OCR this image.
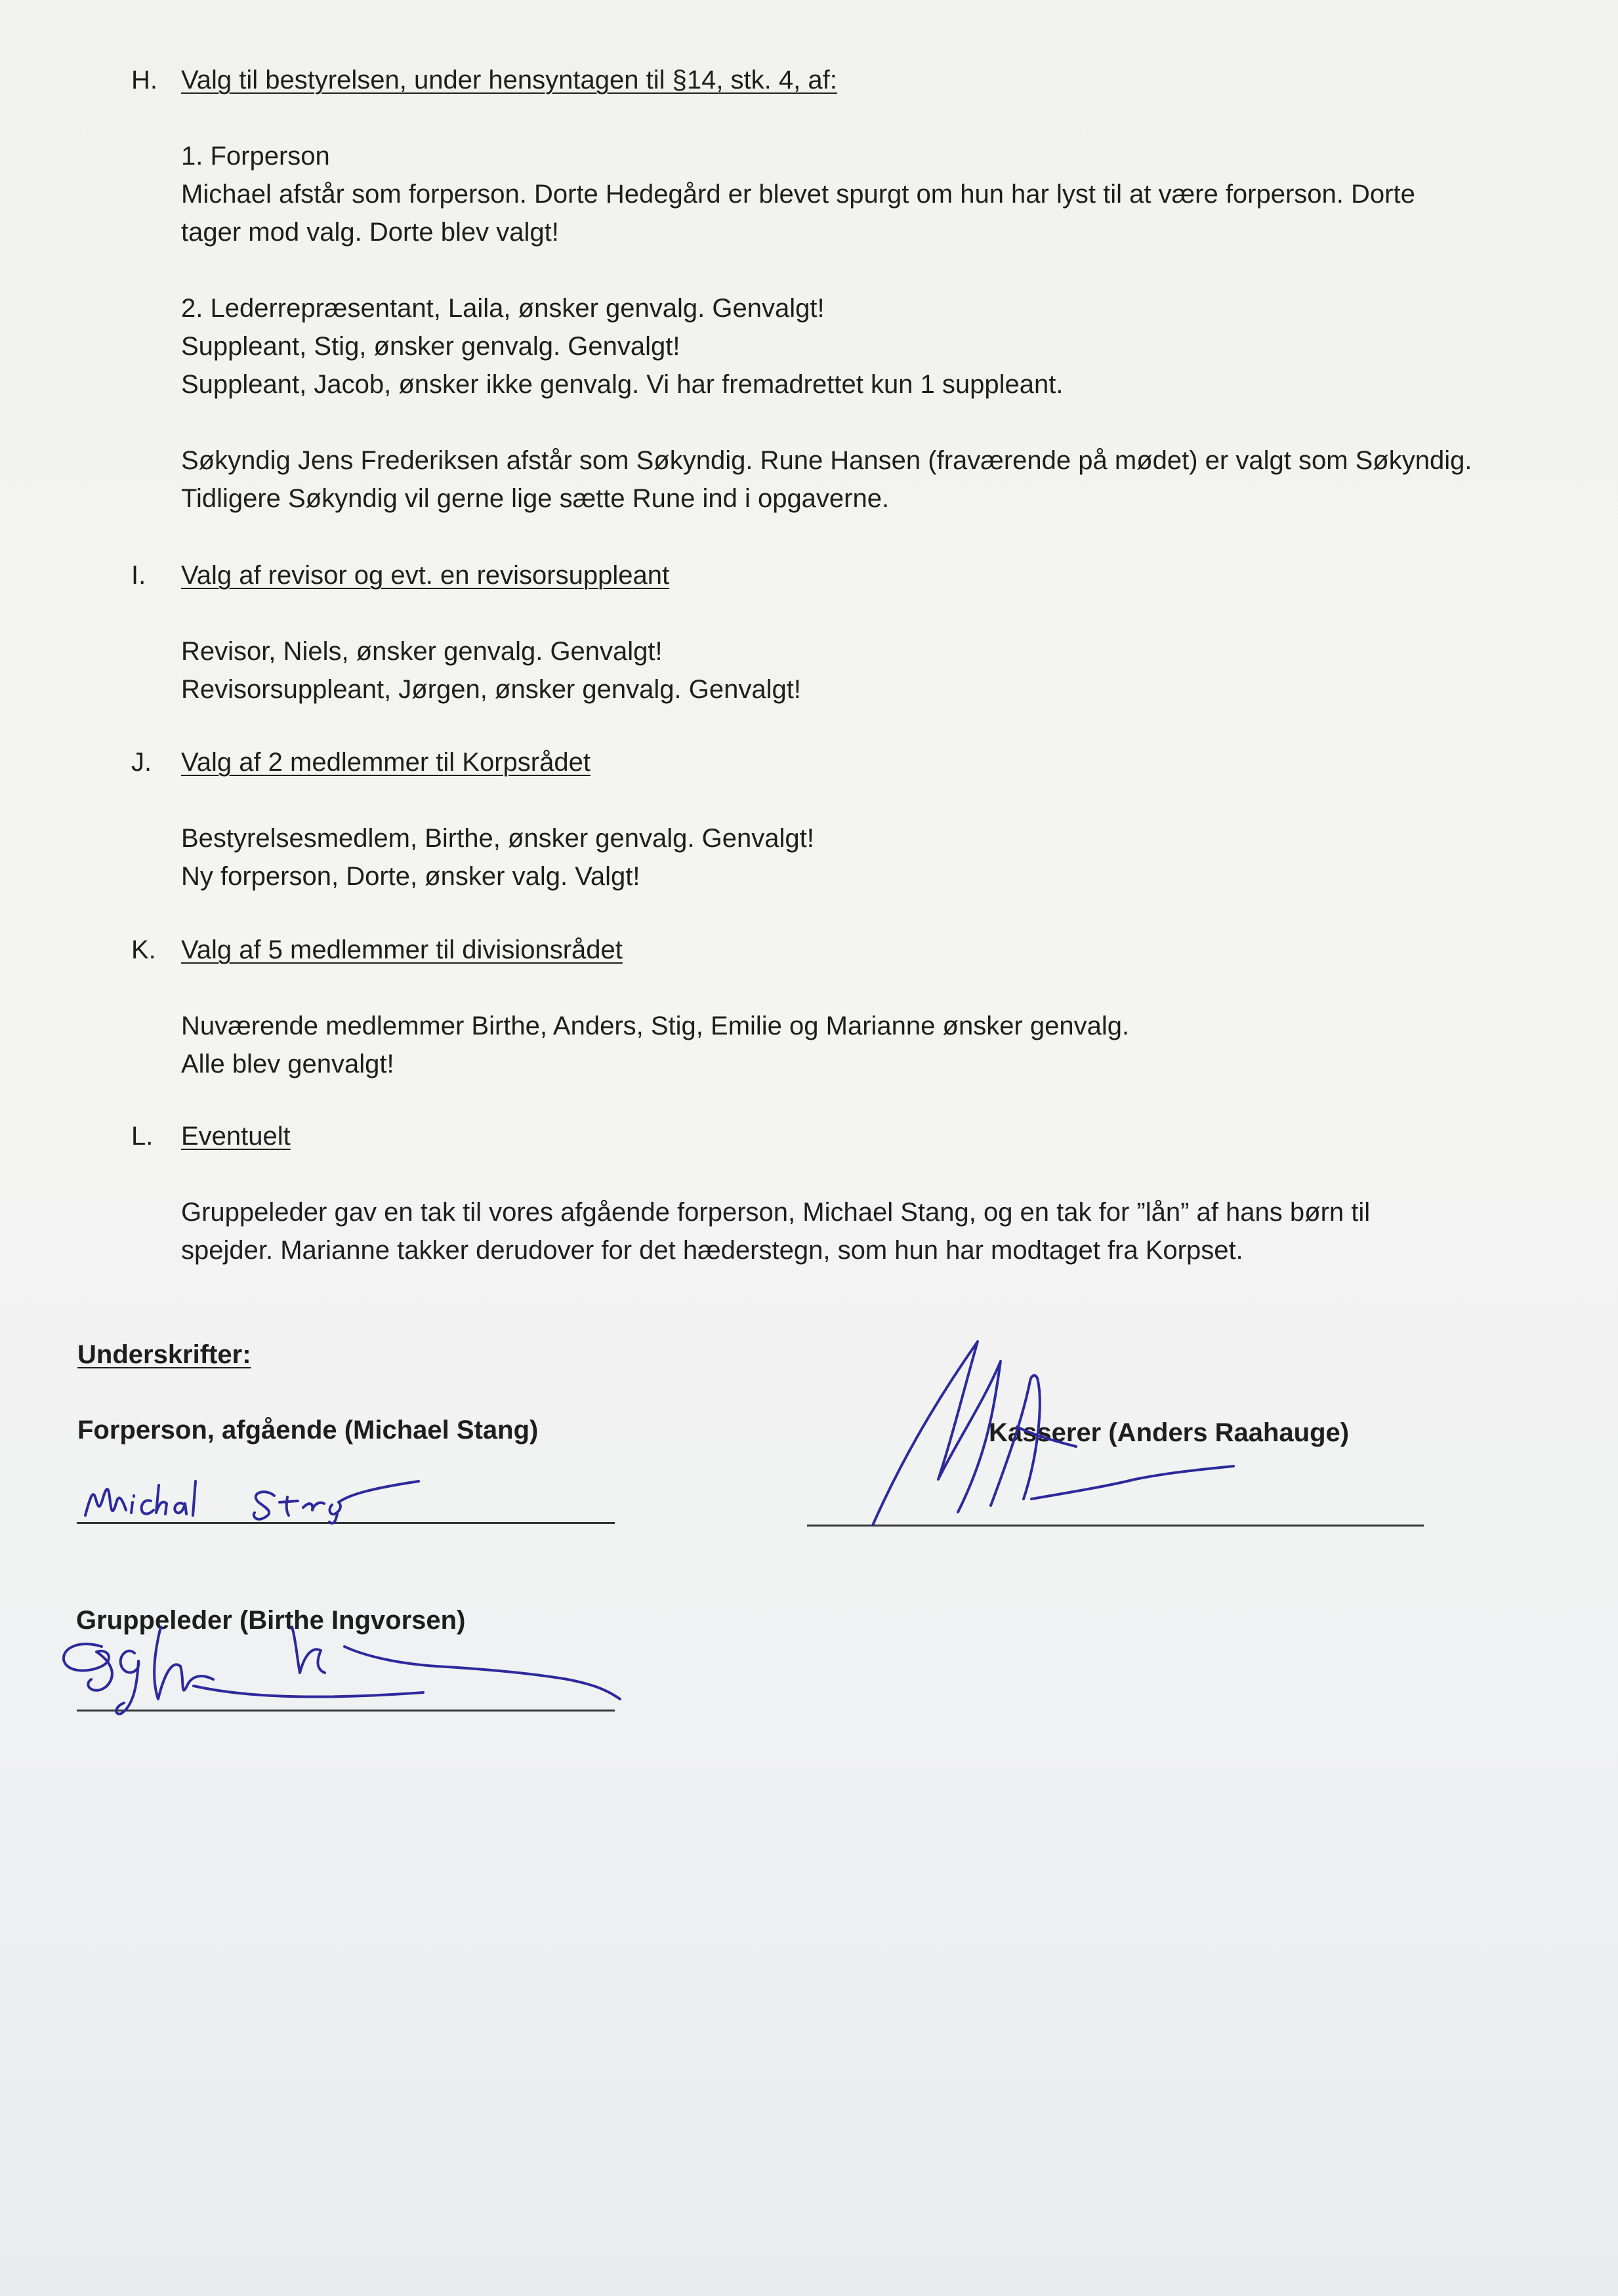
H. Valg til bestyrelsen, under hensyntagen til §14, stk. 4, af:
1. Forperson
Michael afstår som forperson. Dorte Hedegård er blevet spurgt om hun har lyst til at være forperson. Dorte
tager mod valg. Dorte blev valgt!
2. Lederrepræsentant, Laila, ønsker genvalg. Genvalgt!
Suppleant, Stig, ønsker genvalg. Genvalgt!
Suppleant, Jacob, ønsker ikke genvalg. Vi har fremadrettet kun 1 suppleant.
Søkyndig Jens Frederiksen afstår som Søkyndig. Rune Hansen (fraværende på mødet) er valgt som Søkyndig.
Tidligere Søkyndig vil gerne lige sætte Rune ind i opgaverne.
I.	Valg af revisor og evt. en revisorsuppleant
Revisor, Niels, ønsker genvalg. Genvalgt!
Revisorsuppleant, Jørgen, ønsker genvalg. Genvalgt!
J.	Valg af 2 medlemmer til Korpsrådet
Bestyrelsesmedlem, Birthe, ønsker genvalg. Genvalgt!
Ny forperson, Dorte, ønsker valg. Valgt!
K. Valg af 5 medlemmer til divisionsrådet
Nuværende medlemmer Birthe, Anders, Stig, Emilie og Marianne ønsker genvalg.
Alle blev genvalgt!
L.	Eventuelt
Gruppeleder gav en tak til vores afgående forperson, Michael Stang, og en tak for ”lån” af hans børn til
spejder. Marianne takker derudover for det hæderstegn, som hun har modtaget fra Korpset.
Underskrifter:
Forperson, afgående (Michael Stang)	Kasserer (Anders Raahauge)
Gruppeleder (Birthe Ingvorsen)
